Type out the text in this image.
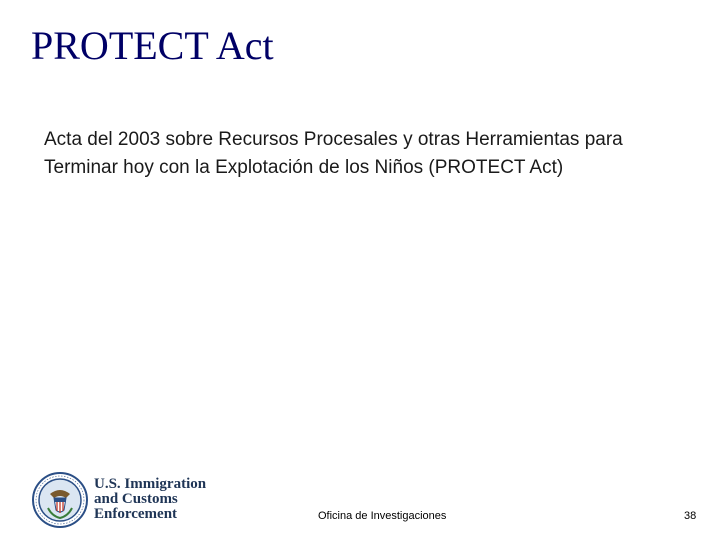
PROTECT Act
Acta del 2003 sobre Recursos Procesales y otras Herramientas para Terminar hoy con la Explotación de los Niños (PROTECT Act)
U.S. Immigration
and Customs
Enforcement	Oficina de Investigaciones	38
